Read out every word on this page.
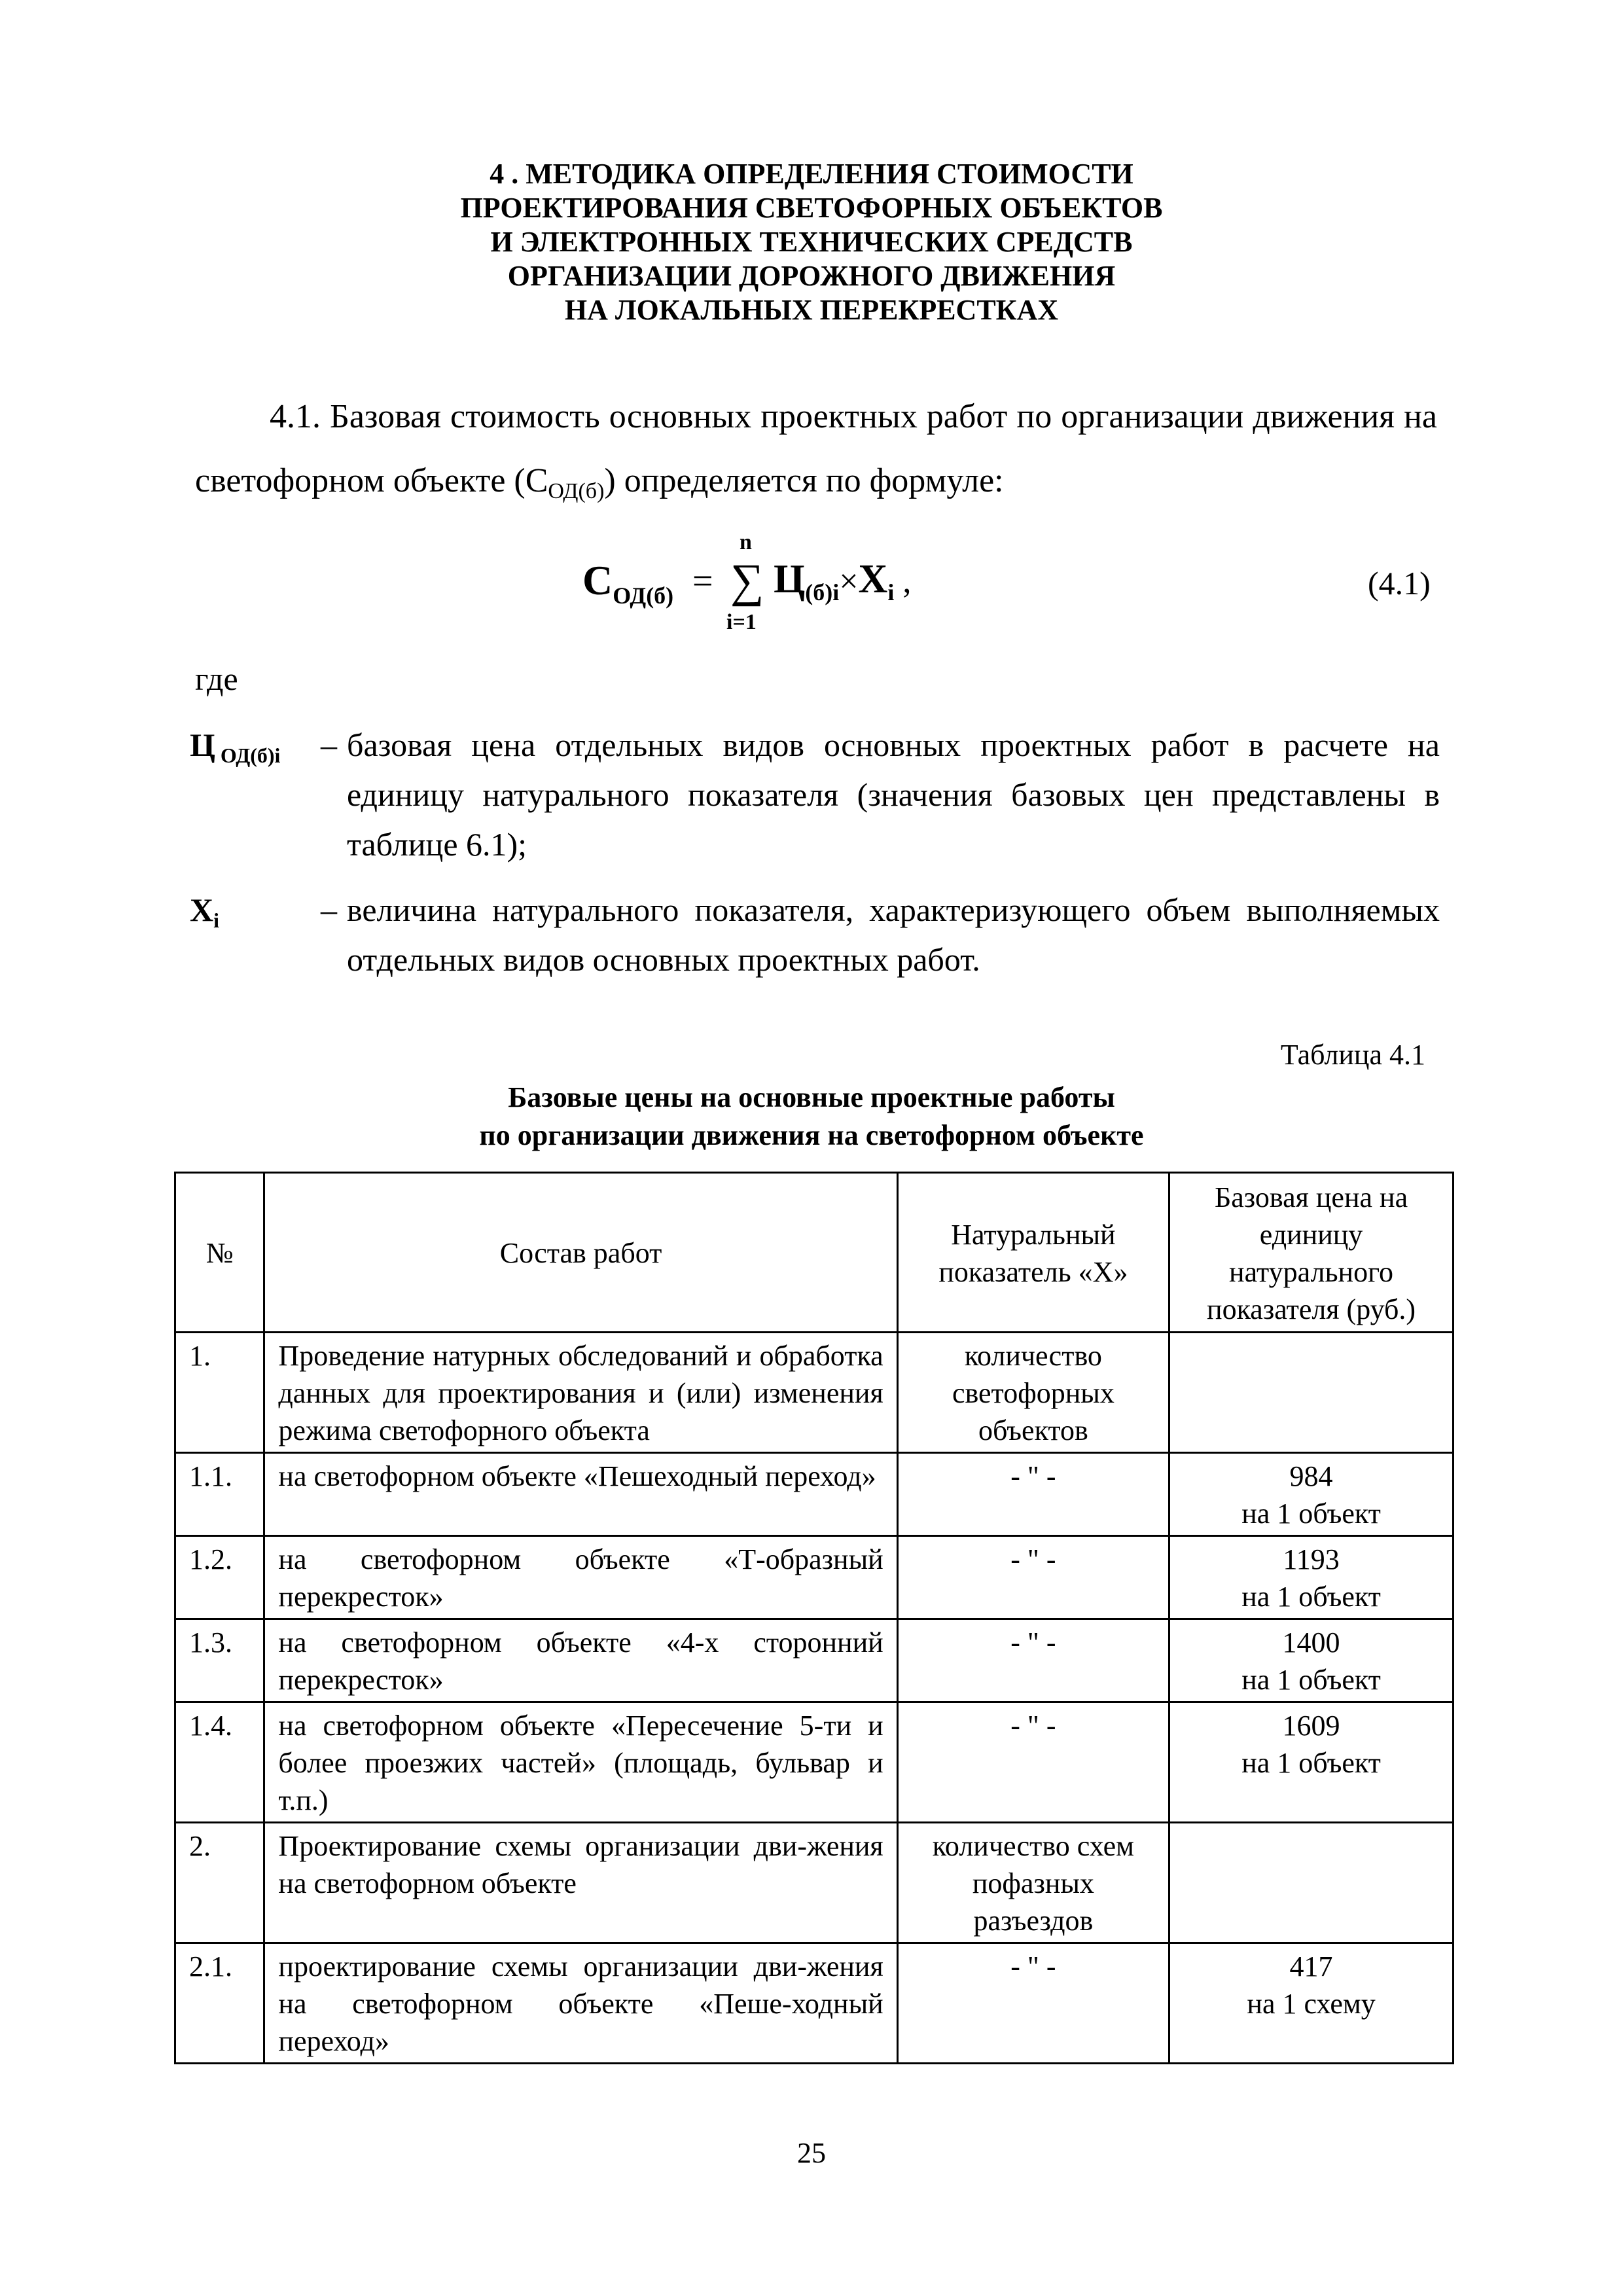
4 . МЕТОДИКА ОПРЕДЕЛЕНИЯ СТОИМОСТИ
ПРОЕКТИРОВАНИЯ СВЕТОФОРНЫХ ОБЪЕКТОВ
И ЭЛЕКТРОННЫХ ТЕХНИЧЕСКИХ СРЕДСТВ
ОРГАНИЗАЦИИ ДОРОЖНОГО ДВИЖЕНИЯ
НА ЛОКАЛЬНЫХ ПЕРЕКРЕСТКАХ
4.1. Базовая стоимость основных проектных работ по организации движения на светофорном объекте $(С_{ОД(б)})$ определяется по формуле:
$С_{ОД(б)}$ =
n
∑
i=1
Ц(б)i×Xi ,	(4.1)
где
Ц $_{ОД(б)i}$ – базовая цена отдельных видов основных проектных работ в расчете на единицу натурального показателя (значения базовых цен представлены в таблице 6.1);
$X_i$	– величина натурального показателя, характеризующего объем выполняемых отдельных видов основных проектных работ.
Таблица 4.1
Базовые цены на основные проектные работы
по организации движения на светофорном объекте
№	Состав работ	Натуральный показатель «Х»	Базовая цена на единицу натурального показателя (руб.)
1.	Проведение натурных обследований и обработка данных для проектирования и (или) изменения режима светофорного объекта	количество светофорных объектов	

1.1.	на светофорном объекте «Пешеходный переход»	- " -	984
на 1 объект

1.2.	на светофорном объекте «Т-образный перекресток»	- " -	1193
на 1 объект

1.3.	на светофорном объекте «4-х сторонний перекресток»	- " -	1400
на 1 объект

1.4.	на светофорном объекте «Пересечение 5-ти и более проезжих частей» (площадь, бульвар и т.п.)	- " -	1609
на 1 объект

2.	Проектирование схемы организации дви-жения на светофорном объекте	количество схем пофазных разъездов	

2.1.	проектирование схемы организации дви-жения на светофорном объекте «Пеше-ходный переход»	- " -	417
на 1 схему
25
